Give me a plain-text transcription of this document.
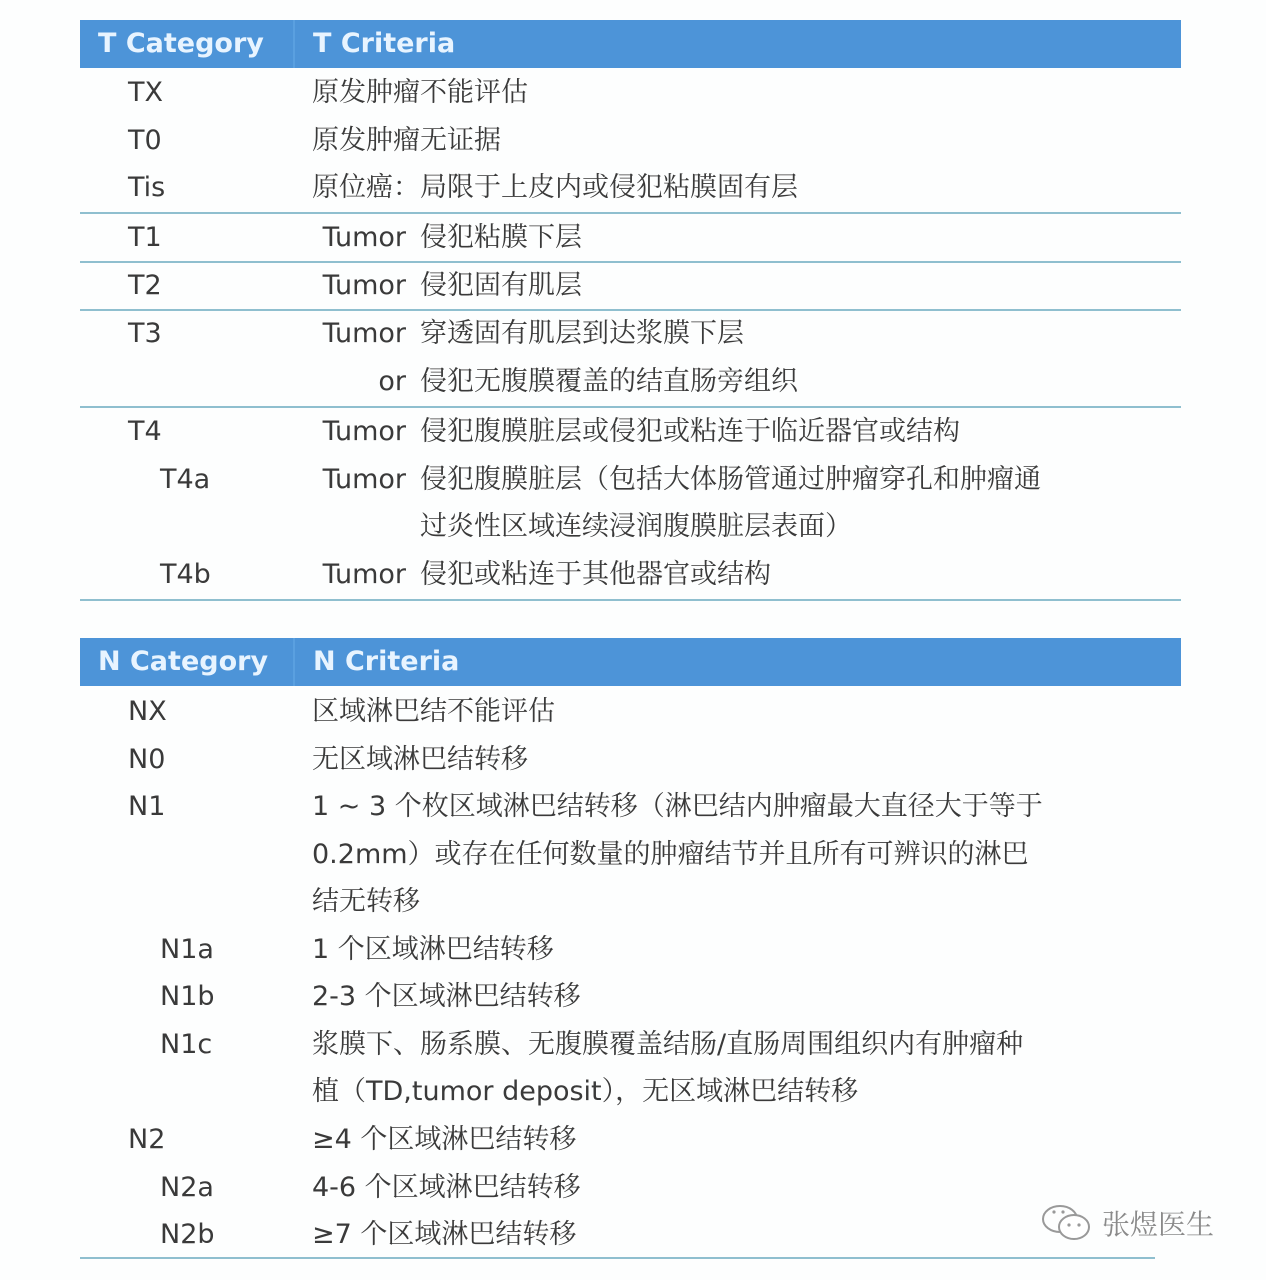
T Category T Criteria
TX	原发肿瘤不能评估
T0	原发肿瘤无证据
Tis	原位癌：局限于上皮内或侵犯粘膜固有层
T1	Tumor 侵犯粘膜下层
T2	Tumor 侵犯固有肌层
T3	Tumor 穿透固有肌层到达浆膜下层
or 侵犯无腹膜覆盖的结直肠旁组织
T4	Tumor 侵犯腹膜脏层或侵犯或粘连于临近器官或结构
T4a	Tumor 侵犯腹膜脏层（包括大体肠管通过肿瘤穿孔和肿瘤通
过炎性区域连续浸润腹膜脏层表面）
T4b	Tumor 侵犯或粘连于其他器官或结构
N Category N Criteria
NX	区域淋巴结不能评估
N0	无区域淋巴结转移
N1	1 ~ 3 个枚区域淋巴结转移（淋巴结内肿瘤最大直径大于等于
0.2mm）或存在任何数量的肿瘤结节并且所有可辨识的淋巴
结无转移
N1a	1 个区域淋巴结转移
N1b	2-3 个区域淋巴结转移
N1c	浆膜下、肠系膜、无腹膜覆盖结肠/直肠周围组织内有肿瘤种
植（TD,tumor deposit），无区域淋巴结转移
N2	≥4 个区域淋巴结转移
N2a	4-6 个区域淋巴结转移
N2b	≥7 个区域淋巴结转移	张煜医生
